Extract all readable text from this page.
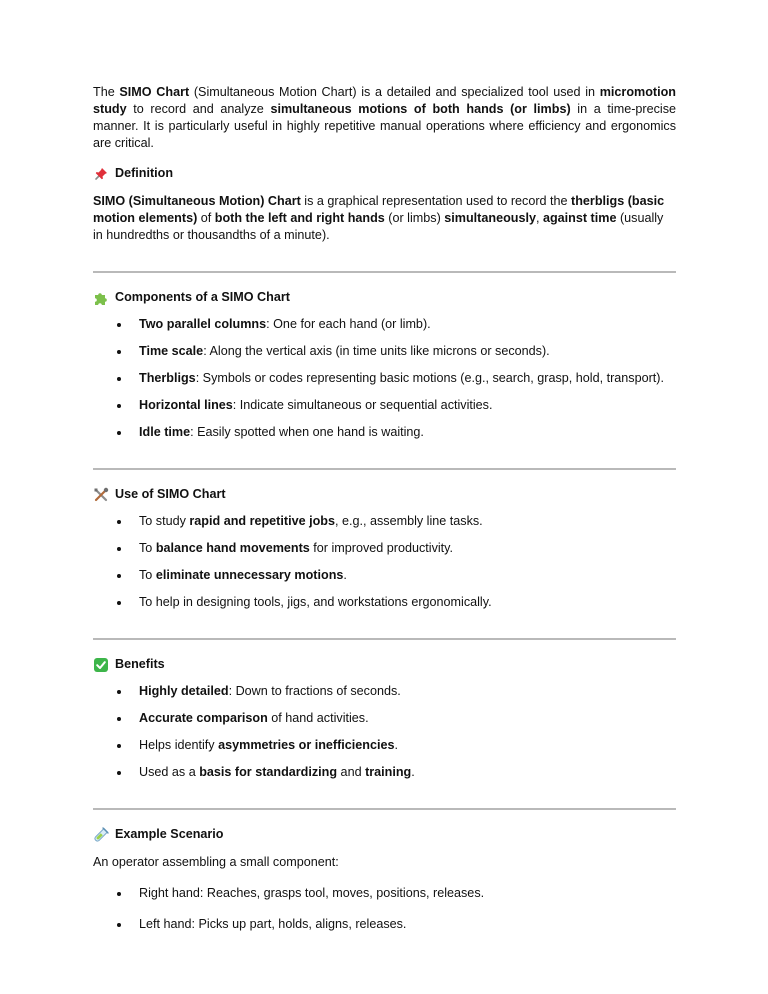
The SIMO Chart (Simultaneous Motion Chart) is a detailed and specialized tool used in micromotion study to record and analyze simultaneous motions of both hands (or limbs) in a time-precise manner. It is particularly useful in highly repetitive manual operations where efficiency and ergonomics are critical.

Definition

SIMO (Simultaneous Motion) Chart is a graphical representation used to record the therbligs (basic motion elements) of both the left and right hands (or limbs) simultaneously, against time (usually in hundredths or thousandths of a minute).

Components of a SIMO Chart
Two parallel columns: One for each hand (or limb).
Time scale: Along the vertical axis (in time units like microns or seconds).
Therbligs: Symbols or codes representing basic motions (e.g., search, grasp, hold, transport).
Horizontal lines: Indicate simultaneous or sequential activities.
Idle time: Easily spotted when one hand is waiting.
Use of SIMO Chart
To study rapid and repetitive jobs, e.g., assembly line tasks.
To balance hand movements for improved productivity.
To eliminate unnecessary motions.
To help in designing tools, jigs, and workstations ergonomically.
Benefits
Highly detailed: Down to fractions of seconds.
Accurate comparison of hand activities.
Helps identify asymmetries or inefficiencies.
Used as a basis for standardizing and training.
Example Scenario

An operator assembling a small component:

Right hand: Reaches, grasps tool, moves, positions, releases.
Left hand: Picks up part, holds, aligns, releases.
